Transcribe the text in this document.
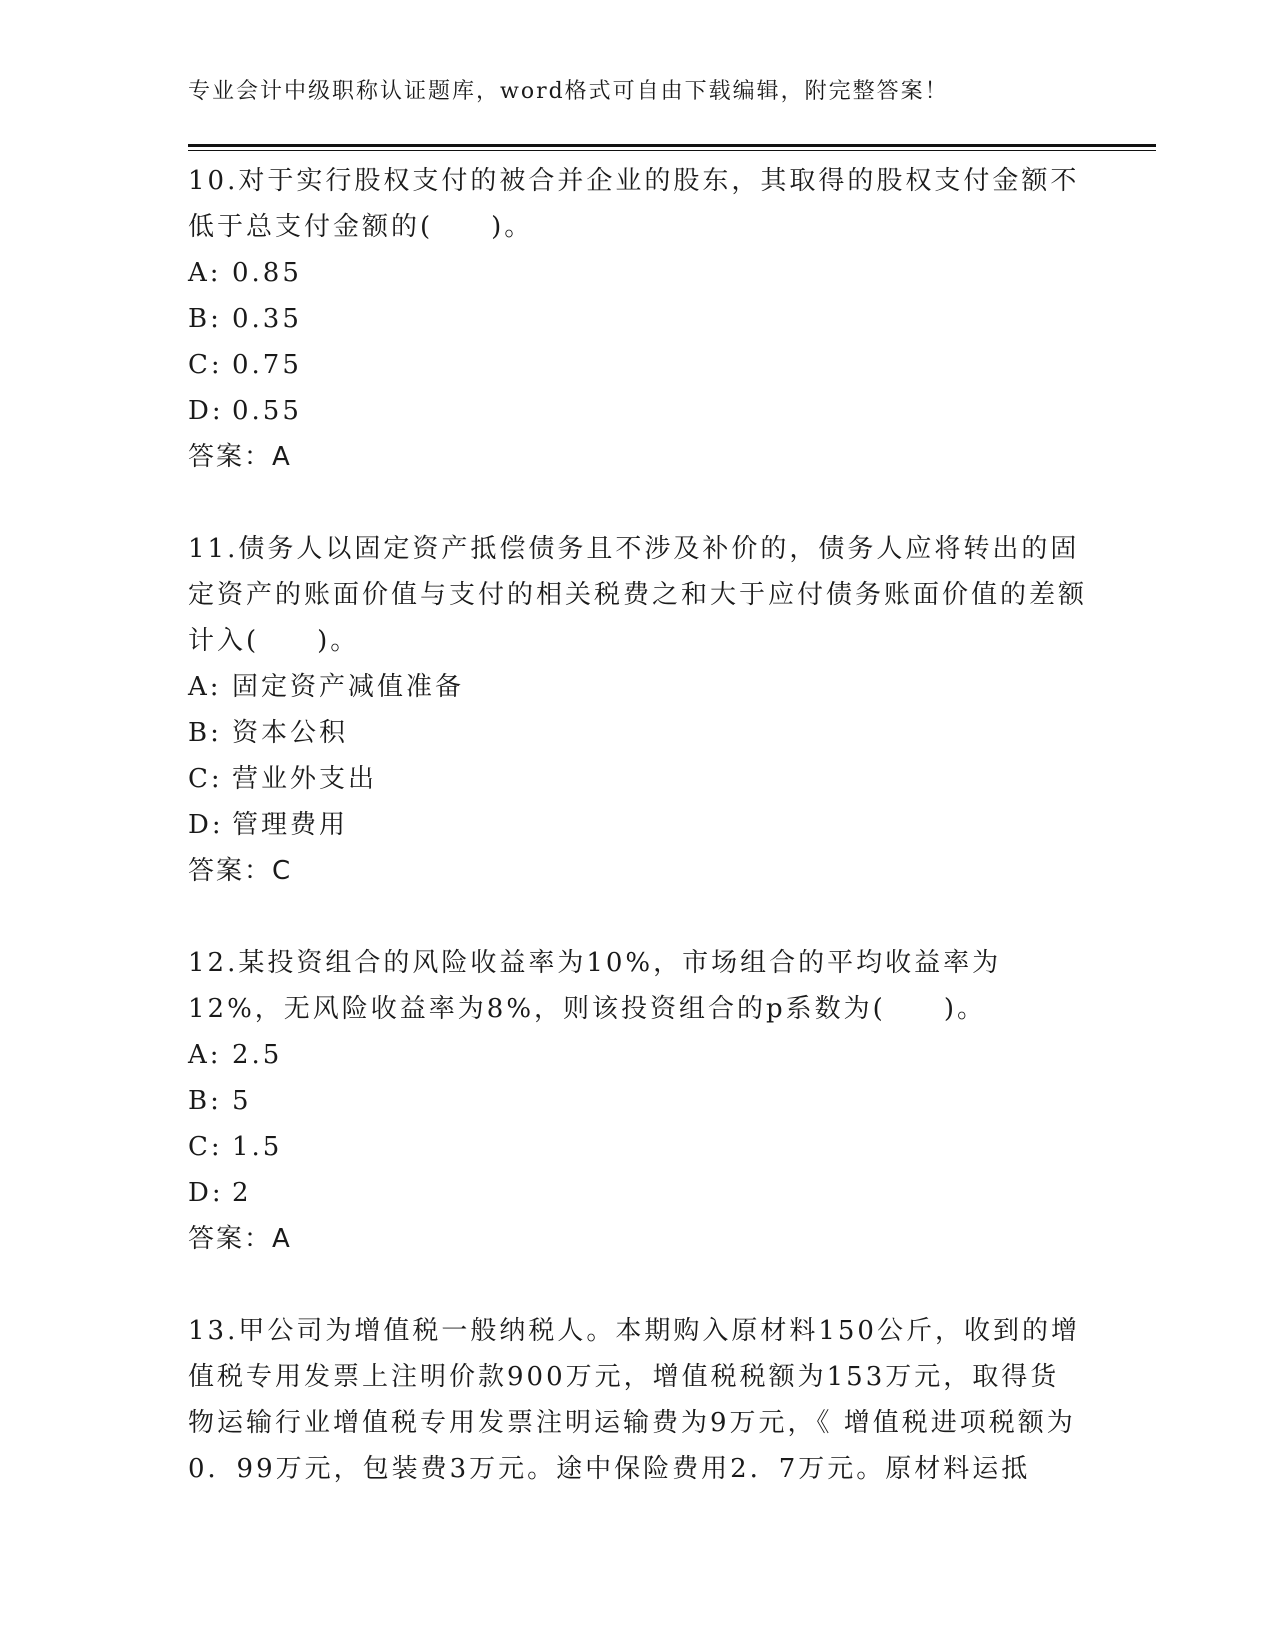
专业会计中级职称认证题库，word格式可自由下载编辑，附完整答案！

10.对于实行股权支付的被合并企业的股东，其取得的股权支付金额不低于总支付金额的(　　)。

A: 0.85

B: 0.35

C: 0.75

D: 0.55

答案：A

11.债务人以固定资产抵偿债务且不涉及补价的，债务人应将转出的固定资产的账面价值与支付的相关税费之和大于应付债务账面价值的差额计入(　　)。

A: 固定资产减值准备

B: 资本公积

C: 营业外支出

D: 管理费用

答案：C

12.某投资组合的风险收益率为10%，市场组合的平均收益率为12%，无风险收益率为8%，则该投资组合的p系数为(　　)。

A: 2.5

B: 5

C: 1.5

D: 2

答案：A

13.甲公司为增值税一般纳税人。本期购入原材料150公斤，收到的增值税专用发票上注明价款900万元，增值税税额为153万元，取得货物运输行业增值税专用发票注明运输费为9万元，《 增值税进项税额为0．99万元，包装费3万元。途中保险费用2．7万元。原材料运抵
